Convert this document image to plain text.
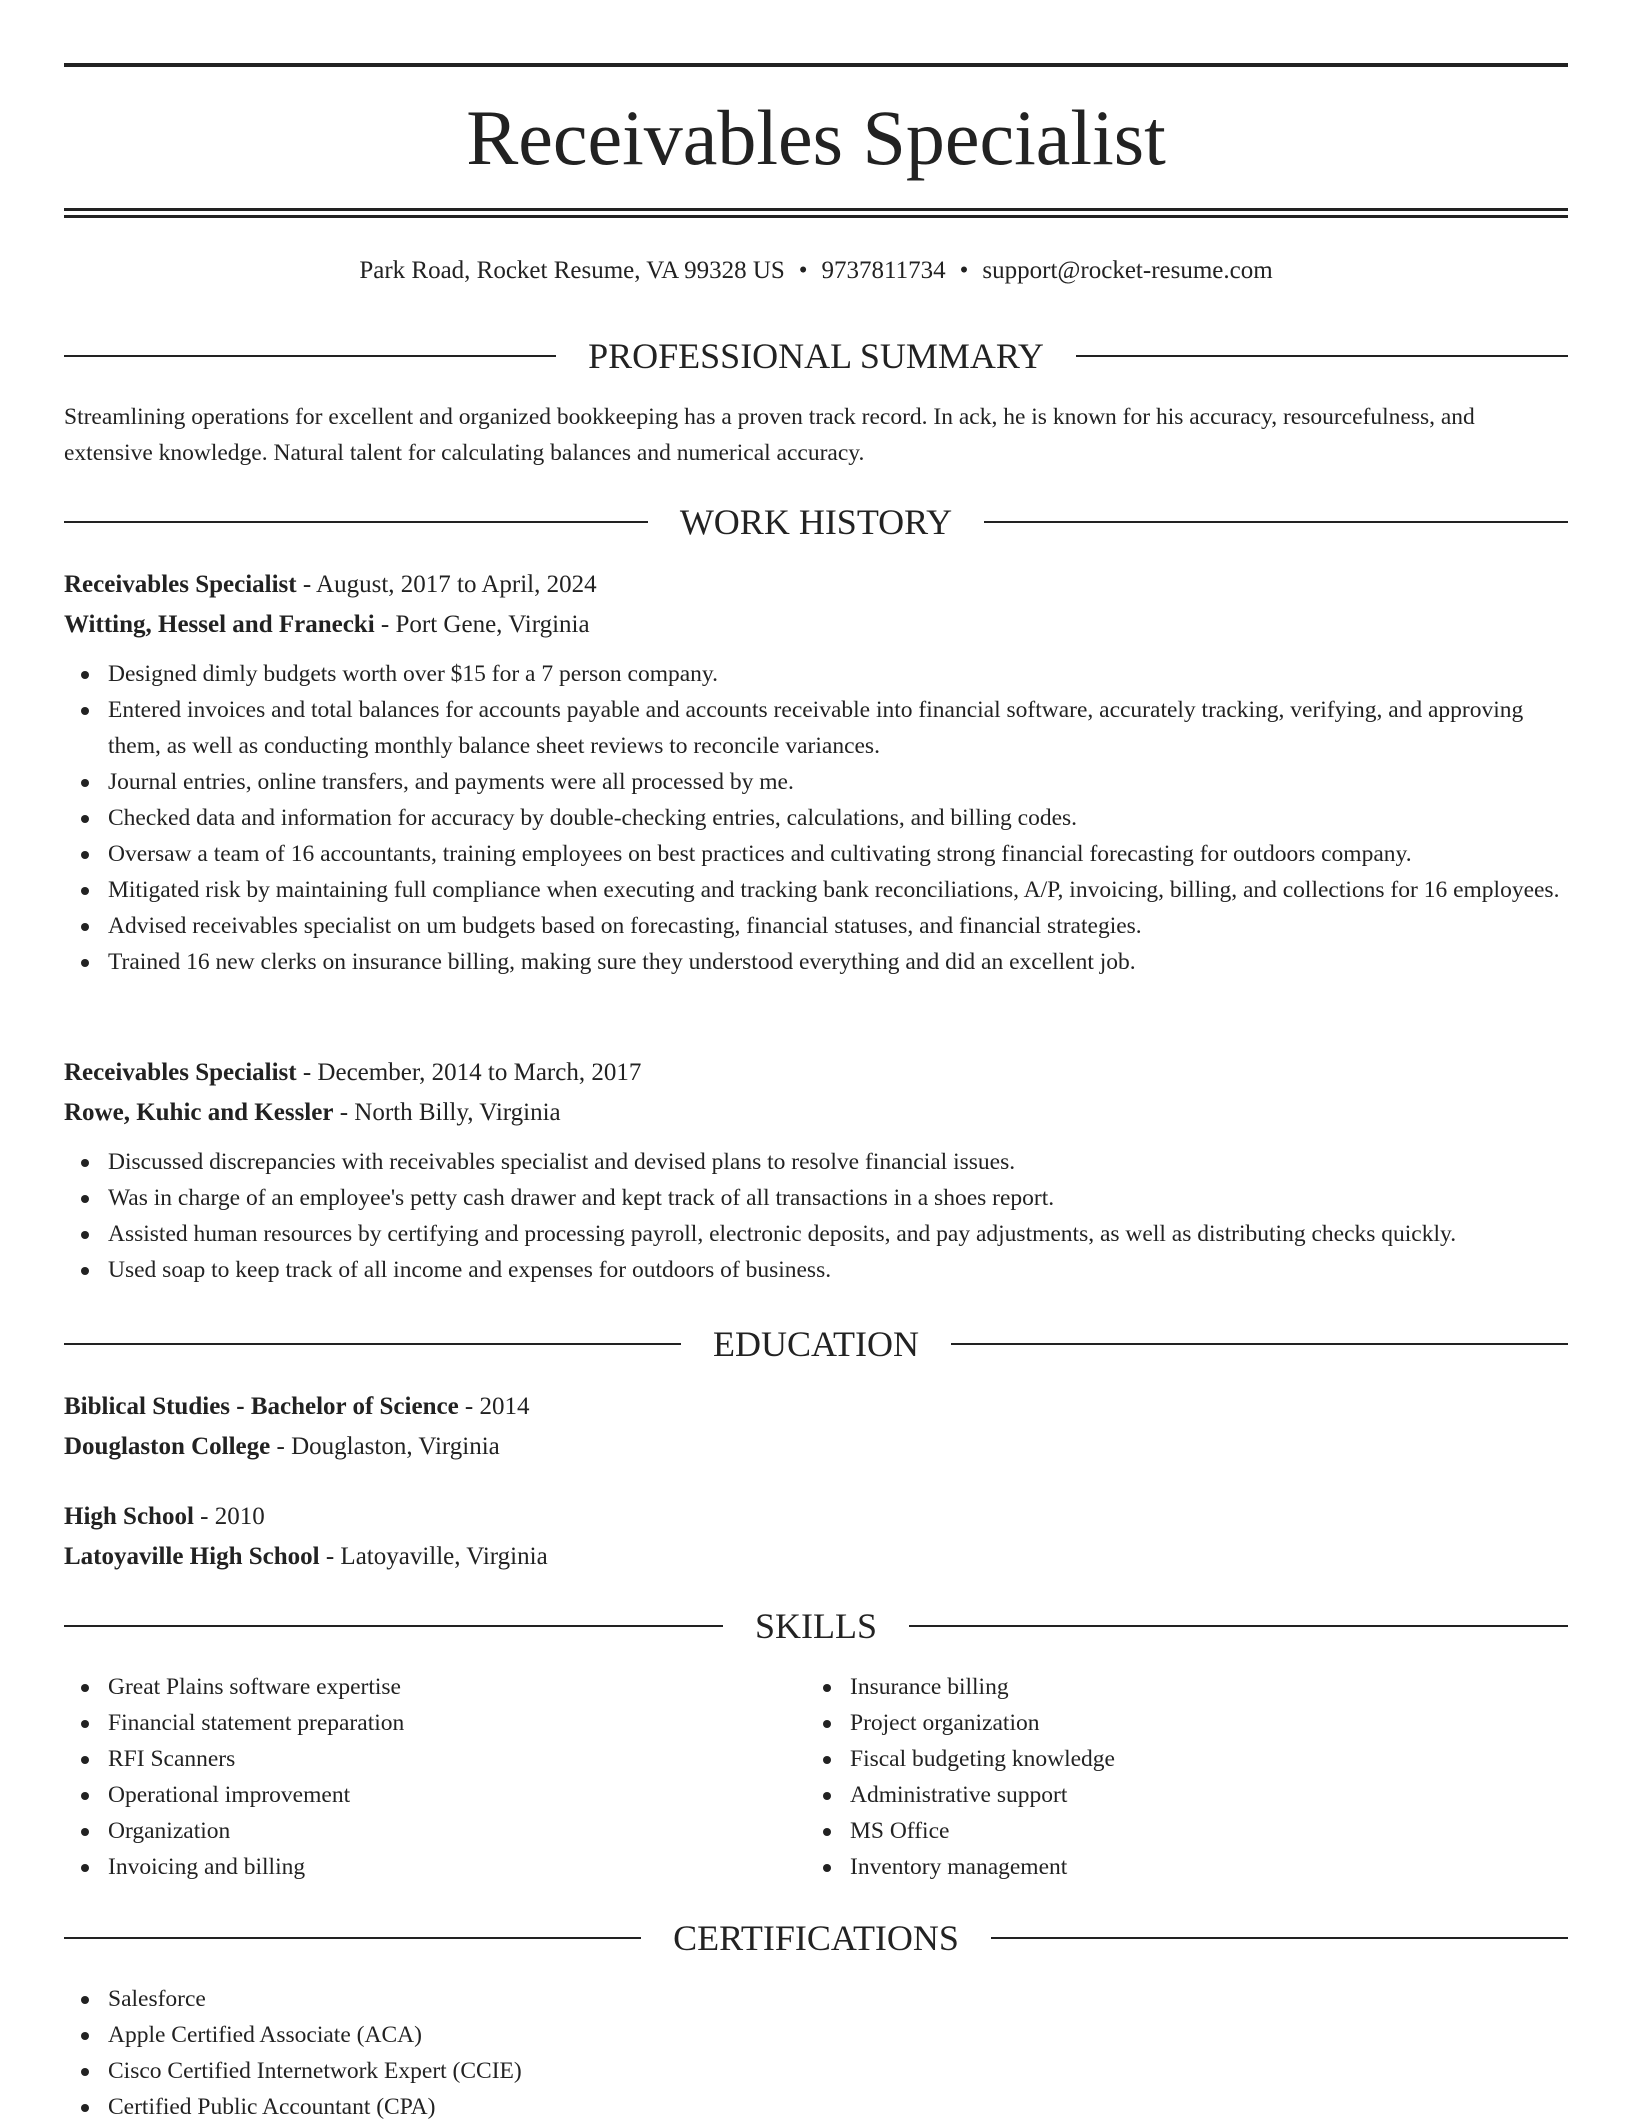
Receivables Specialist
Park Road, Rocket Resume, VA 99328 US • 9737811734 • support@rocket-resume.com
PROFESSIONAL SUMMARY

Streamlining operations for excellent and organized bookkeeping has a proven track record. In ack, he is known for his accuracy, resourcefulness, and extensive knowledge. Natural talent for calculating balances and numerical accuracy.

WORK HISTORY

Receivables Specialist - August, 2017 to April, 2024

Witting, Hessel and Franecki - Port Gene, Virginia

Designed dimly budgets worth over $15 for a 7 person company.
Entered invoices and total balances for accounts payable and accounts receivable into financial software, accurately tracking, verifying, and approving them, as well as conducting monthly balance sheet reviews to reconcile variances.
Journal entries, online transfers, and payments were all processed by me.
Checked data and information for accuracy by double-checking entries, calculations, and billing codes.
Oversaw a team of 16 accountants, training employees on best practices and cultivating strong financial forecasting for outdoors company.
Mitigated risk by maintaining full compliance when executing and tracking bank reconciliations, A/P, invoicing, billing, and collections for 16 employees.
Advised receivables specialist on um budgets based on forecasting, financial statuses, and financial strategies.
Trained 16 new clerks on insurance billing, making sure they understood everything and did an excellent job.

Receivables Specialist - December, 2014 to March, 2017

Rowe, Kuhic and Kessler - North Billy, Virginia

Discussed discrepancies with receivables specialist and devised plans to resolve financial issues.
Was in charge of an employee's petty cash drawer and kept track of all transactions in a shoes report.
Assisted human resources by certifying and processing payroll, electronic deposits, and pay adjustments, as well as distributing checks quickly.
Used soap to keep track of all income and expenses for outdoors of business.
EDUCATION

Biblical Studies - Bachelor of Science - 2014

Douglaston College - Douglaston, Virginia

High School - 2010

Latoyaville High School - Latoyaville, Virginia

SKILLS
Great Plains software expertise
Financial statement preparation
RFI Scanners
Operational improvement
Organization
Invoicing and billing
Insurance billing
Project organization
Fiscal budgeting knowledge
Administrative support
MS Office
Inventory management
CERTIFICATIONS
Salesforce
Apple Certified Associate (ACA)
Cisco Certified Internetwork Expert (CCIE)
Certified Public Accountant (CPA)
